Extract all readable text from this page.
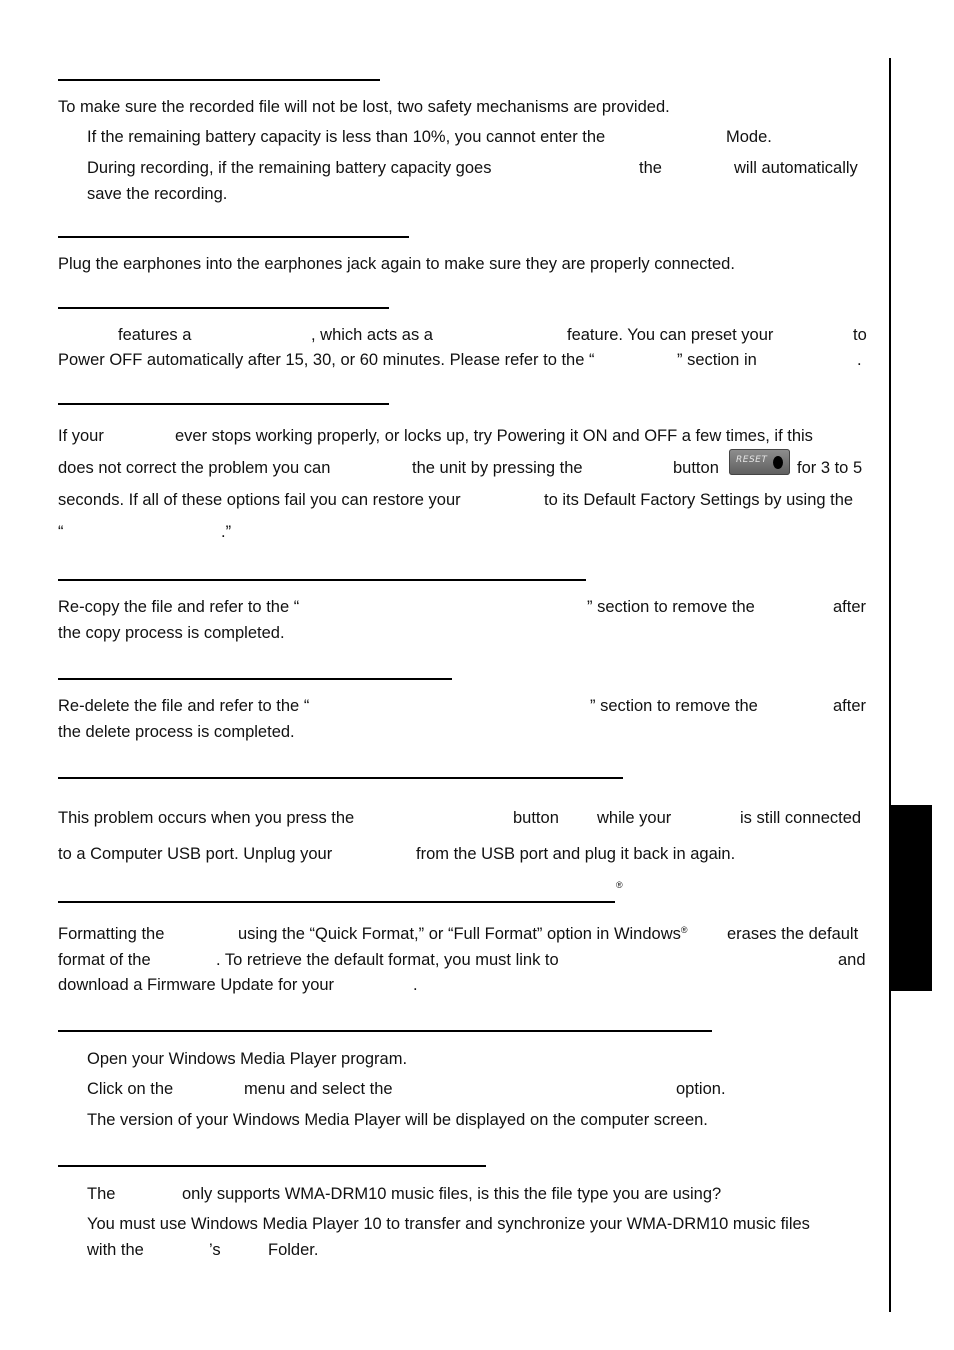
To make sure the recorded file will not be lost, two safety mechanisms are provided.
If the remaining battery capacity is less than 10%, you cannot enter the	Mode.
During recording, if the remaining battery capacity goes	the	will automatically
save the recording.
Plug the earphones into the earphones jack again to make sure they are properly connected.
features a	, which acts as a	feature. You can preset your	to
Power OFF automatically after 15, 30, or 60 minutes. Please refer to the “	” section in	.
If your	ever stops working properly, or locks up, try Powering it ON and OFF a few times, if this
does not correct the problem you can	the unit by pressing the	button RESET for 3 to 5
seconds. If all of these options fail you can restore your	to its Default Factory Settings by using the
“	.”
Re-copy the file and refer to the “	” section to remove the	after
the copy process is completed.
Re-delete the file and refer to the “	” section to remove the	after
the delete process is completed.
This problem occurs when you press the	button while your	is still connected
to a Computer USB port. Unplug your	from the USB port and plug it back in again.
®
Formatting the	using the “Quick Format,” or “Full Format” option in Windows® erases the default
format of the	. To retrieve the default format, you must link to	and
download a Firmware Update for your	.
Open your Windows Media Player program.
Click on the	menu and select the	option.
The version of your Windows Media Player will be displayed on the computer screen.
The	only supports WMA-DRM10 music files, is this the file type you are using?
You must use Windows Media Player 10 to transfer and synchronize your WMA-DRM10 music files
with the	’s	Folder.
